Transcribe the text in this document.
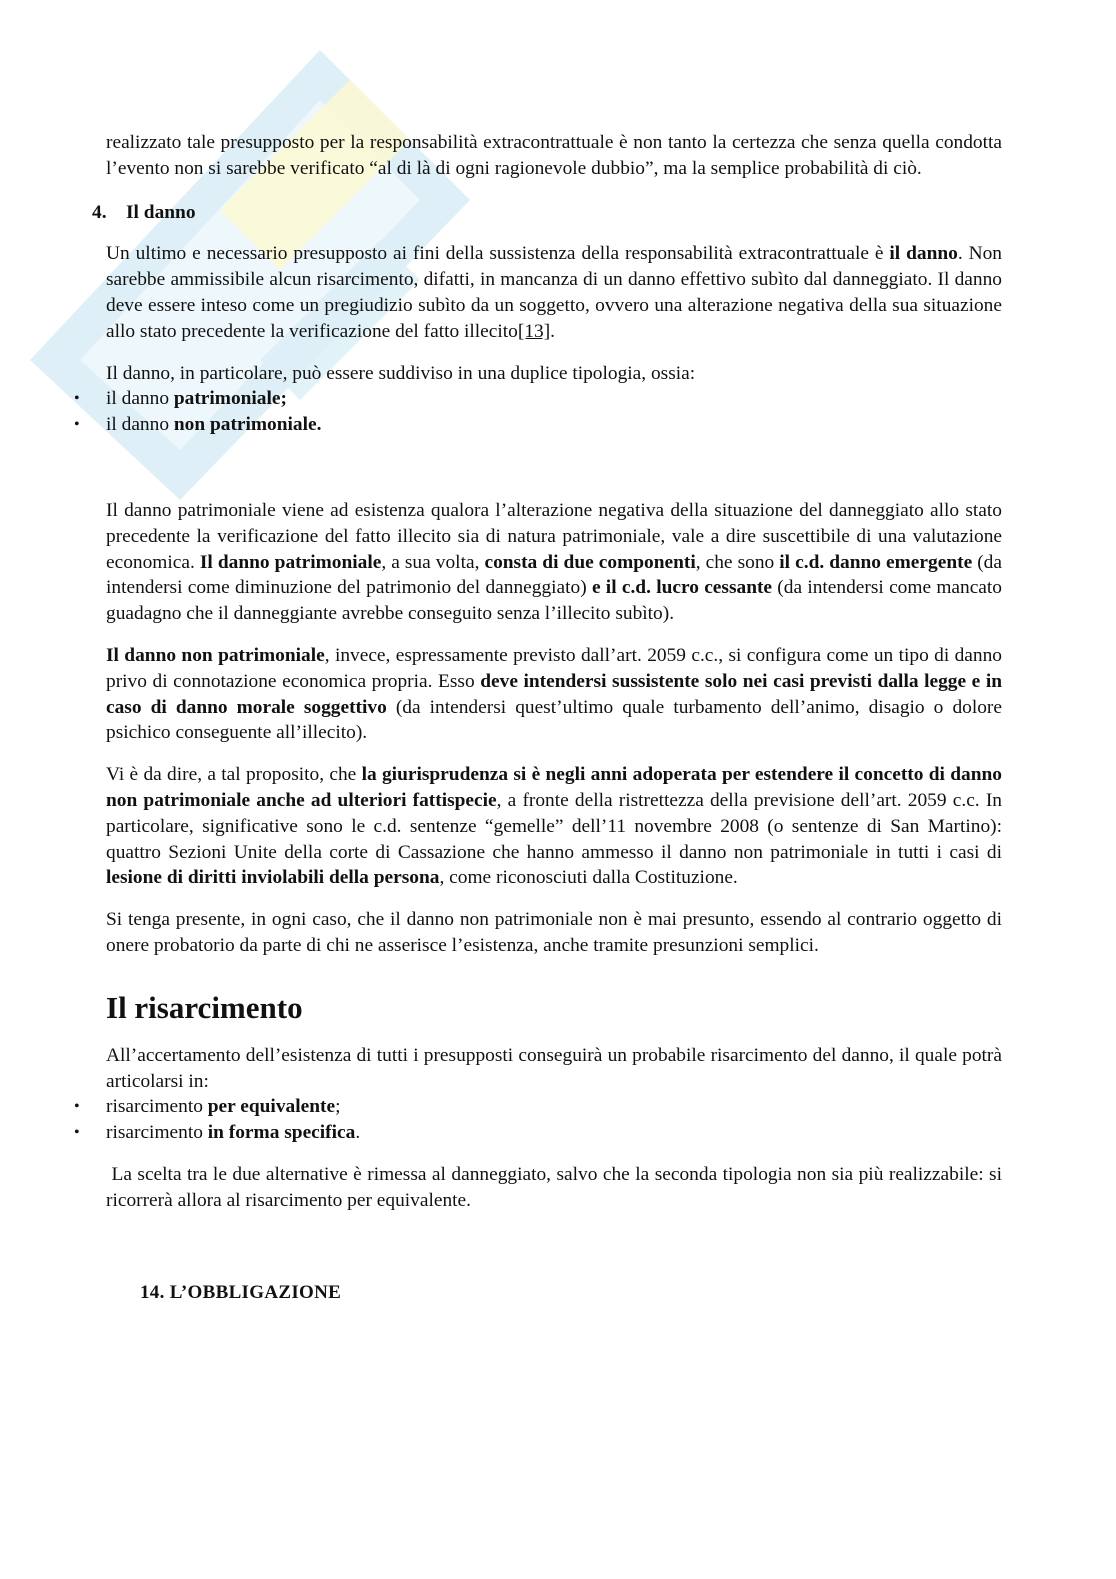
realizzato tale presupposto per la responsabilità extracontrattuale è non tanto la certezza che senza quella condotta l’evento non si sarebbe verificato “al di là di ogni ragionevole dubbio”, ma la semplice probabilità di ciò.

4. Il danno

Un ultimo e necessario presupposto ai fini della sussistenza della responsabilità extracontrattuale è il danno. Non sarebbe ammissibile alcun risarcimento, difatti, in mancanza di un danno effettivo subìto dal danneggiato. Il danno deve essere inteso come un pregiudizio subìto da un soggetto, ovvero una alterazione negativa della sua situazione allo stato precedente la verificazione del fatto illecito[13].

Il danno, in particolare, può essere suddiviso in una duplice tipologia, ossia:

• il danno patrimoniale;
• il danno non patrimoniale.

Il danno patrimoniale viene ad esistenza qualora l’alterazione negativa della situazione del danneggiato allo stato precedente la verificazione del fatto illecito sia di natura patrimoniale, vale a dire suscettibile di una valutazione economica. Il danno patrimoniale, a sua volta, consta di due componenti, che sono il c.d. danno emergente (da intendersi come diminuzione del patrimonio del danneggiato) e il c.d. lucro cessante (da intendersi come mancato guadagno che il danneggiante avrebbe conseguito senza l’illecito subìto).

Il danno non patrimoniale, invece, espressamente previsto dall’art. 2059 c.c., si configura come un tipo di danno privo di connotazione economica propria. Esso deve intendersi sussistente solo nei casi previsti dalla legge e in caso di danno morale soggettivo (da intendersi quest’ultimo quale turbamento dell’animo, disagio o dolore psichico conseguente all’illecito).

Vi è da dire, a tal proposito, che la giurisprudenza si è negli anni adoperata per estendere il concetto di danno non patrimoniale anche ad ulteriori fattispecie, a fronte della ristrettezza della previsione dell’art. 2059 c.c. In particolare, significative sono le c.d. sentenze “gemelle” dell’11 novembre 2008 (o sentenze di San Martino): quattro Sezioni Unite della corte di Cassazione che hanno ammesso il danno non patrimoniale in tutti i casi di lesione di diritti inviolabili della persona, come riconosciuti dalla Costituzione.

Si tenga presente, in ogni caso, che il danno non patrimoniale non è mai presunto, essendo al contrario oggetto di onere probatorio da parte di chi ne asserisce l’esistenza, anche tramite presunzioni semplici.

Il risarcimento

All’accertamento dell’esistenza di tutti i presupposti conseguirà un probabile risarcimento del danno, il quale potrà articolarsi in:

• risarcimento per equivalente;
• risarcimento in forma specifica.

La scelta tra le due alternative è rimessa al danneggiato, salvo che la seconda tipologia non sia più realizzabile: si ricorrerà allora al risarcimento per equivalente.

14. L’OBBLIGAZIONE
